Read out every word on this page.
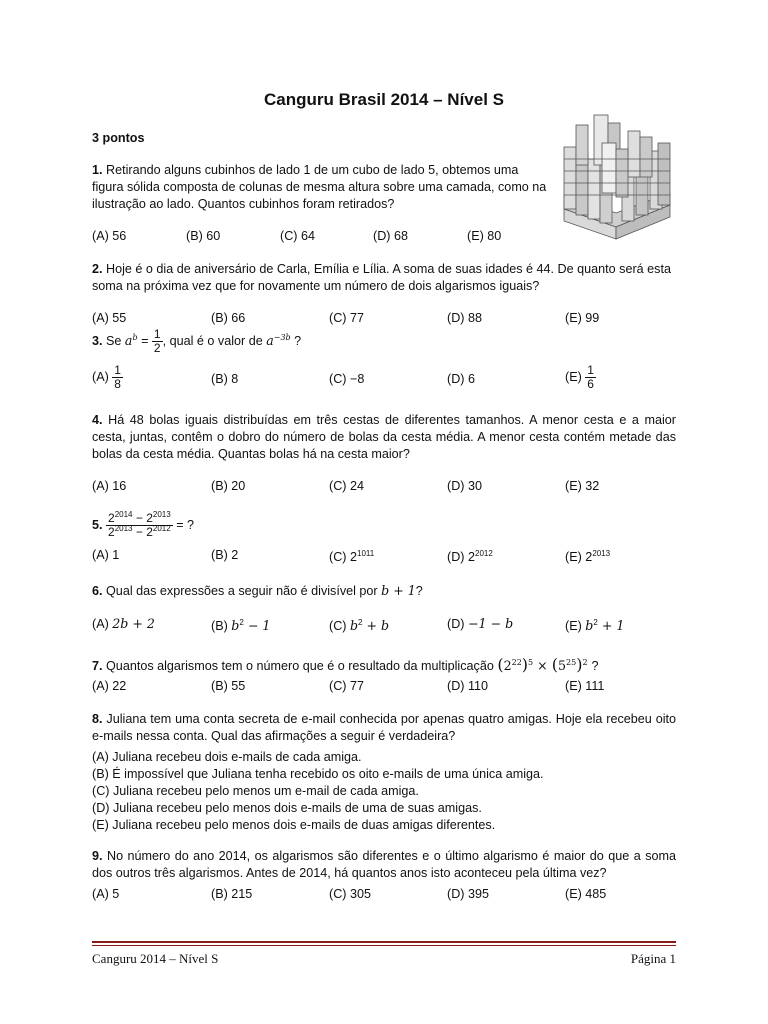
Canguru Brasil 2014 – Nível S
3 pontos
1. Retirando alguns cubinhos de lado 1 de um cubo de lado 5, obtemos uma figura sólida composta de colunas de mesma altura sobre uma camada, como na ilustração ao lado. Quantos cubinhos foram retirados?
(A) 56	(B) 60	(C) 64	(D) 68	(E) 80
2. Hoje é o dia de aniversário de Carla, Emília e Lília. A soma de suas idades é 44. De quanto será esta soma na próxima vez que for novamente um número de dois algarismos iguais?
(A) 55	(B) 66	(C) 77	(D) 88	(E) 99
3. Se $a^b = \frac{1}{2}$ , qual é o valor de $a^{-3b}$ ?
$(A) \frac{1}{8}$	(B) 8	(C) −8	(D) 6	$(E) \frac{1}{6}$
4. Há 48 bolas iguais distribuídas em três cestas de diferentes tamanhos. A menor cesta e a maior cesta, juntas, contêm o dobro do número de bolas da cesta média. A menor cesta contém metade das bolas da cesta média. Quantas bolas há na cesta maior?
(A) 16	(B) 20	(C) 24	(D) 30	(E) 32
5. $\frac{2^{2014} - 2^{2013}}{2^{2013} - 2^{2012}}$ = ?
(A) 1	(B) 2	(C) $2^{1011}$	(D) $2^{2012}$	(E) $2^{2013}$
6. Qual das expressões a seguir não é divisível por b + 1?
(A) 2b + 2	(B) $b^2 - 1$	(C) $b^2 + b$	(D) −1 − b	(E) $b^2 + 1$
7. Quantos algarismos tem o número que é o resultado da multiplicação $(2^{22})^5 \times (5^{25})^2$ ?
(A) 22	(B) 55	(C) 77	(D) 110	(E) 111
8. Juliana tem uma conta secreta de e-mail conhecida por apenas quatro amigas. Hoje ela recebeu oito e-mails nessa conta. Qual das afirmações a seguir é verdadeira?
(A) Juliana recebeu dois e-mails de cada amiga.
(B) É impossível que Juliana tenha recebido os oito e-mails de uma única amiga.
(C) Juliana recebeu pelo menos um e-mail de cada amiga.
(D) Juliana recebeu pelo menos dois e-mails de uma de suas amigas.
(E) Juliana recebeu pelo menos dois e-mails de duas amigas diferentes.
9. No número do ano 2014, os algarismos são diferentes e o último algarismo é maior do que a soma dos outros três algarismos. Antes de 2014, há quantos anos isto aconteceu pela última vez?
(A) 5	(B) 215	(C) 305	(D) 395	(E) 485
Canguru 2014 – Nível S	Página 1
